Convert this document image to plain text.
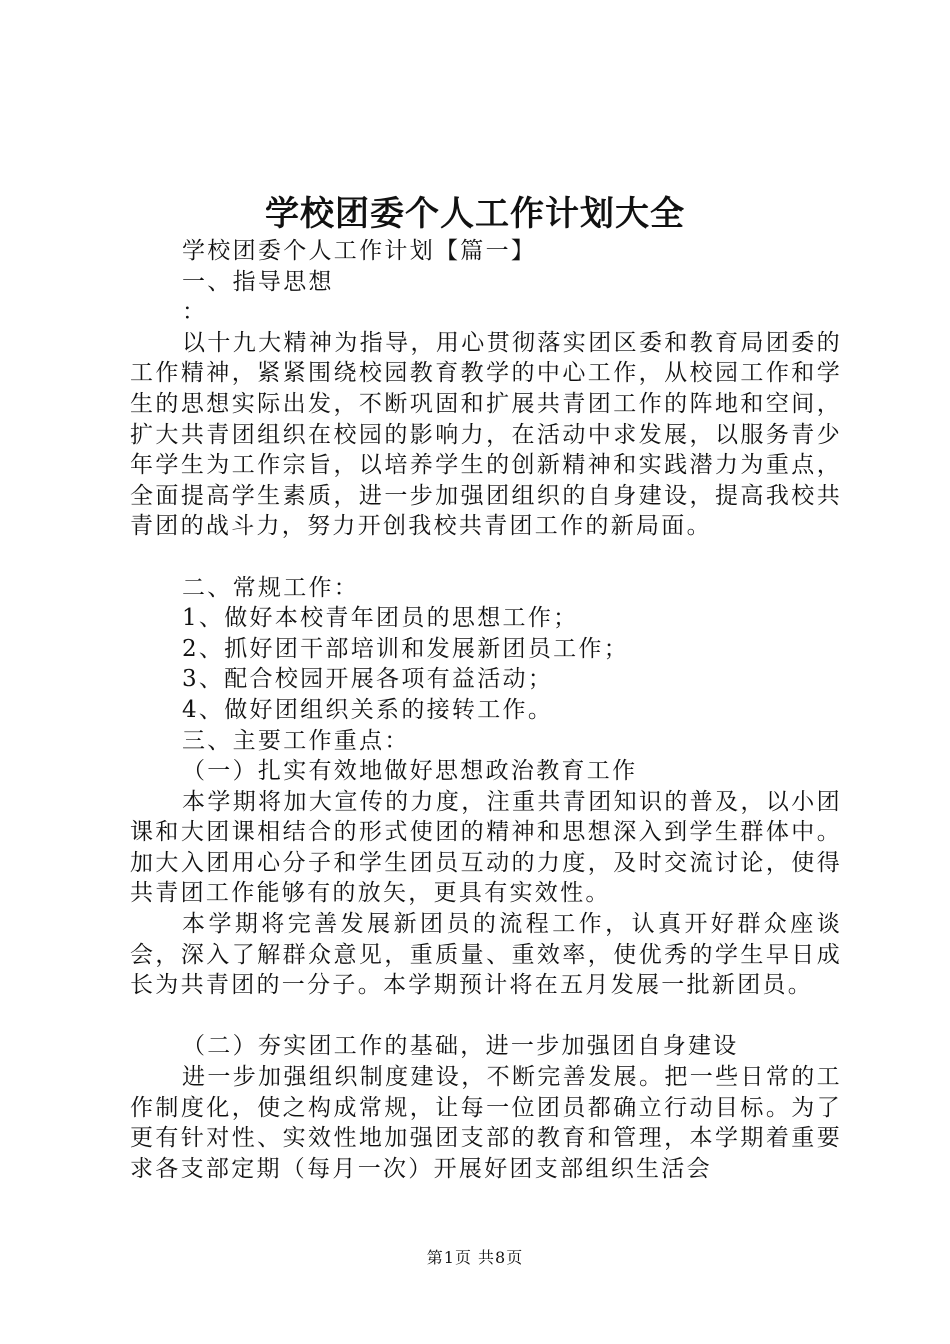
学校团委个人工作计划大全

学校团委个人工作计划【篇一】

一、指导思想

：

以十九大精神为指导，用心贯彻落实团区委和教育局团委的工作精神，紧紧围绕校园教育教学的中心工作，从校园工作和学生的思想实际出发，不断巩固和扩展共青团工作的阵地和空间，扩大共青团组织在校园的影响力，在活动中求发展，以服务青少年学生为工作宗旨，以培养学生的创新精神和实践潜力为重点，全面提高学生素质，进一步加强团组织的自身建设，提高我校共青团的战斗力，努力开创我校共青团工作的新局面。

二、常规工作：

1、做好本校青年团员的思想工作；

2、抓好团干部培训和发展新团员工作；

3、配合校园开展各项有益活动；

4、做好团组织关系的接转工作。

三、主要工作重点：

（一）扎实有效地做好思想政治教育工作

本学期将加大宣传的力度，注重共青团知识的普及，以小团课和大团课相结合的形式使团的精神和思想深入到学生群体中。加大入团用心分子和学生团员互动的力度，及时交流讨论，使得共青团工作能够有的放矢，更具有实效性。

本学期将完善发展新团员的流程工作，认真开好群众座谈会，深入了解群众意见，重质量、重效率，使优秀的学生早日成长为共青团的一分子。本学期预计将在五月发展一批新团员。

（二）夯实团工作的基础，进一步加强团自身建设

进一步加强组织制度建设，不断完善发展。把一些日常的工作制度化，使之构成常规，让每一位团员都确立行动目标。为了更有针对性、实效性地加强团支部的教育和管理，本学期着重要求各支部定期（每月一次）开展好团支部组织生活会

第1页 共8页
